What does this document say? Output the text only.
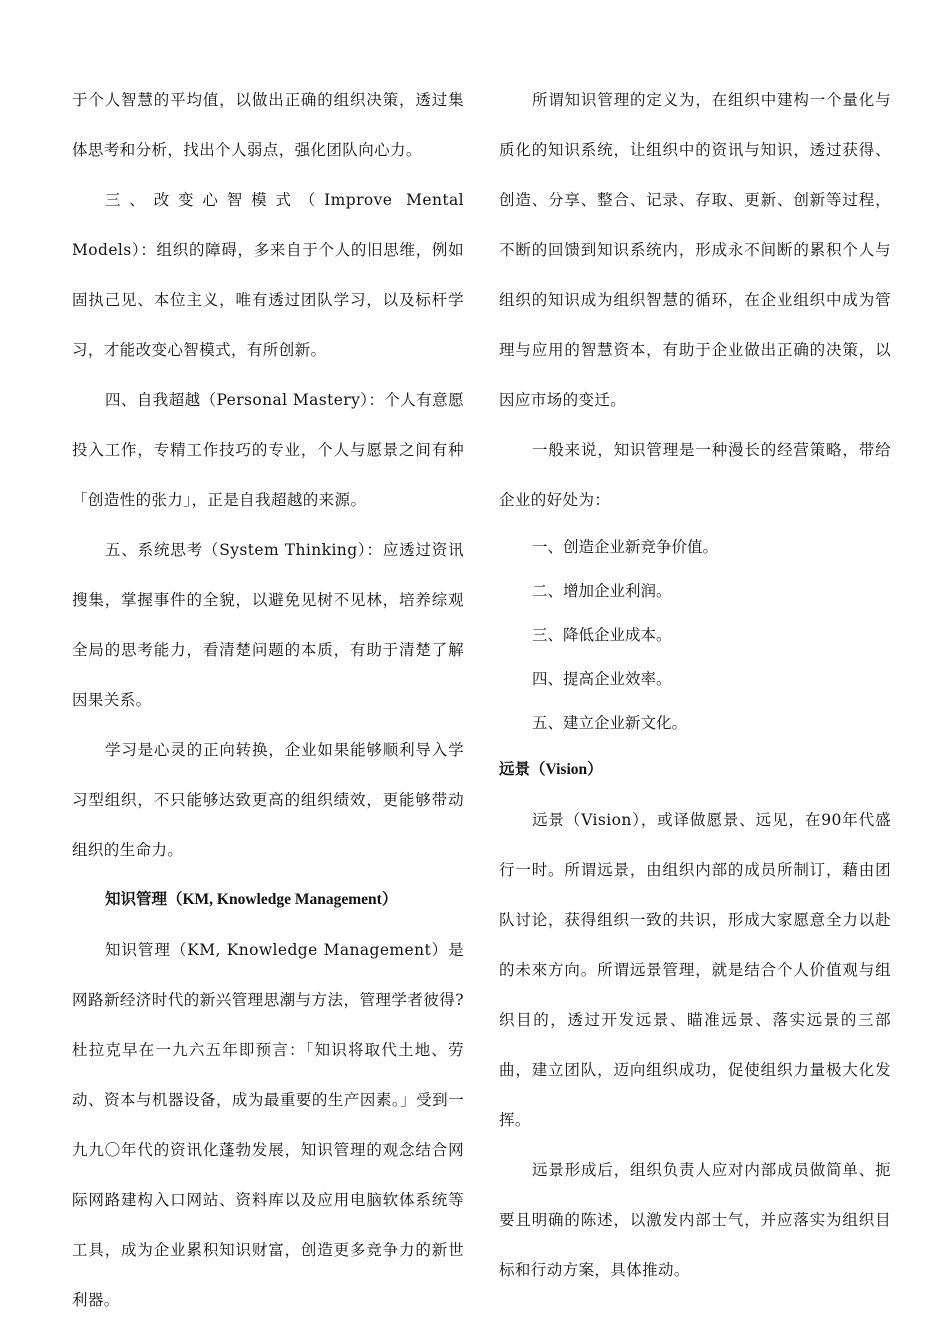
于个人智慧的平均值，以做出正确的组织决策，透过集体思考和分析，找出个人弱点，强化团队向心力。

三、改变心智模式（Improve Mental Models）：组织的障碍，多来自于个人的旧思维，例如固执己见、本位主义，唯有透过团队学习，以及标杆学习，才能改变心智模式，有所创新。

四、自我超越（Personal Mastery）：个人有意愿投入工作，专精工作技巧的专业，个人与愿景之间有种「创造性的张力」，正是自我超越的来源。

五、系统思考（System Thinking）：应透过资讯搜集，掌握事件的全貌，以避免见树不见林，培养综观全局的思考能力，看清楚问题的本质，有助于清楚了解因果关系。

学习是心灵的正向转换，企业如果能够顺利导入学习型组织，不只能够达致更高的组织绩效，更能够带动组织的生命力。

知识管理（KM, Knowledge Management）

知识管理（KM, Knowledge Management）是网路新经济时代的新兴管理思潮与方法，管理学者彼得?杜拉克早在一九六五年即预言：「知识将取代土地、劳动、资本与机器设备，成为最重要的生产因素。」受到一九九〇年代的资讯化蓬勃发展，知识管理的观念结合网际网路建构入口网站、资料库以及应用电脑软体系统等工具，成为企业累积知识财富，创造更多竞争力的新世利器。

所谓知识管理的定义为，在组织中建构一个量化与质化的知识系统，让组织中的资讯与知识，透过获得、创造、分享、整合、记录、存取、更新、创新等过程，不断的回馈到知识系统内，形成永不间断的累积个人与组织的知识成为组织智慧的循环，在企业组织中成为管理与应用的智慧资本，有助于企业做出正确的决策，以因应市场的变迁。

一般来说，知识管理是一种漫长的经营策略，带给企业的好处为：

一、创造企业新竞争价值。

二、增加企业利润。

三、降低企业成本。

四、提高企业效率。

五、建立企业新文化。

远景（Vision）

远景（Vision），或译做愿景、远见，在90年代盛行一时。所谓远景，由组织内部的成员所制订，藉由团队讨论，获得组织一致的共识，形成大家愿意全力以赴的未來方向。所谓远景管理，就是结合个人价值观与组织目的，透过开发远景、瞄准远景、落实远景的三部曲，建立团队，迈向组织成功，促使组织力量极大化发挥。

远景形成后，组织负责人应对内部成员做简单、扼要且明确的陈述，以激发内部士气，并应落实为组织目标和行动方案，具体推动。
